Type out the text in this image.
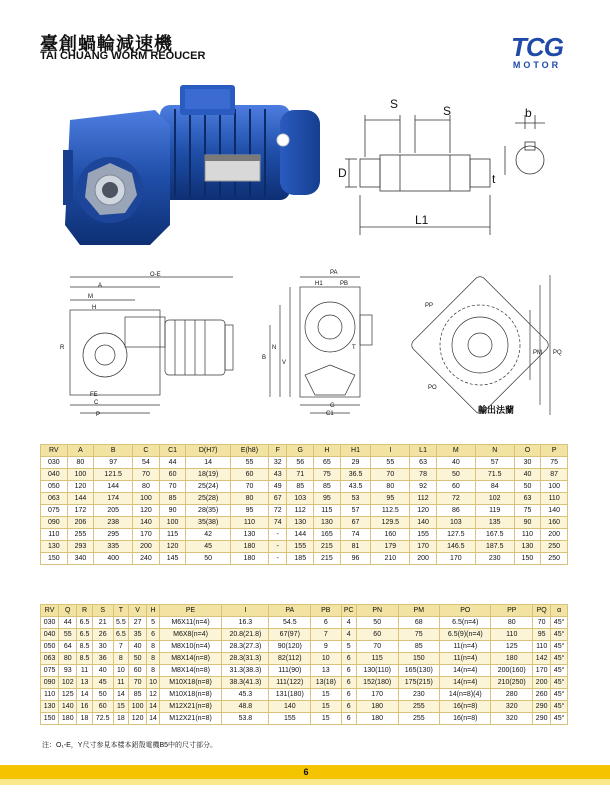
臺創蝸輪減速機
TAI CHUANG WORM REOUCER	TCG
MOTOR
S	S	b
D	t
L1
O-E
A
M
H
R
FE
C
P
PA
H1	PB
T
B
N
V
G
C1
PP
PM PQ
PO
輸出法蘭
RV	A	B	C	C1	D(H7)	E(h8)	F	G	H	H1	I	L1	M	N	O	P
030	80	97	54	44	14	55	32	56	65	29	55	63	40	57	30	75
040	100	121.5	70	60	18(19)	60	43	71	75	36.5	70	78	50	71.5	40	87
050	120	144	80	70	25(24)	70	49	85	85	43.5	80	92	60	84	50	100
063	144	174	100	85	25(28)	80	67	103	95	53	95	112	72	102	63	110
075	172	205	120	90	28(35)	95	72	112	115	57	112.5	120	86	119	75	140
090	206	238	140	100	35(38)	110	74	130	130	67	129.5	140	103	135	90	160
110	255	295	170	115	42	130	-	144	165	74	160	155	127.5	167.5	110	200
130	293	335	200	120	45	180	-	155	215	81	179	170	146.5	187.5	130	250
150	340	400	240	145	50	180	-	185	215	96	210	200	170	230	150	250
RV	Q	R	S	T	V	H	PE	I	PA	PB	PC	PN	PM	PO	PP	PQ	α
030	44	6.5	21	5.5	27	5	M6X11(n=4)	16.3	54.5	6	4	50	68	6.5(n=4)	80	70	45°
040	55	6.5	26	6.5	35	6	M6X8(n=4)	20.8(21.8)	67(97)	7	4	60	75	6.5(9)(n=4)	110	95	45°
050	64	8.5	30	7	40	8	M8X10(n=4)	28.3(27.3)	90(120)	9	5	70	85	11(n=4)	125	110	45°
063	80	8.5	36	8	50	8	M8X14(n=8)	28.3(31.3)	82(112)	10	6	115	150	11(n=4)	180	142	45°
075	93	11	40	10	60	8	M8X14(n=8)	31.3(38.3)	111(90)	13	6	130(110)	165(130)	14(n=4)	200(160)	170	45°
090	102	13	45	11	70	10	M10X18(n=8)	38.3(41.3)	111(122)	13(18)	6	152(180)	175(215)	14(n=4)	210(250)	200	45°
110	125	14	50	14	85	12	M10X18(n=8)	45.3	131(180)	15	6	170	230	14(n=8)(4)	280	260	45°
130	140	16	60	15	100	14	M12X21(n=8)	48.8	140	15	6	180	255	16(n=8)	320	290	45°
150	180	18	72.5	18	120	14	M12X21(n=8)	53.8	155	15	6	180	255	16(n=8)	320	290	45°
注：O₁-E，Y尺寸参見本樣本鋁殼電機B5中的尺寸部分。
6
